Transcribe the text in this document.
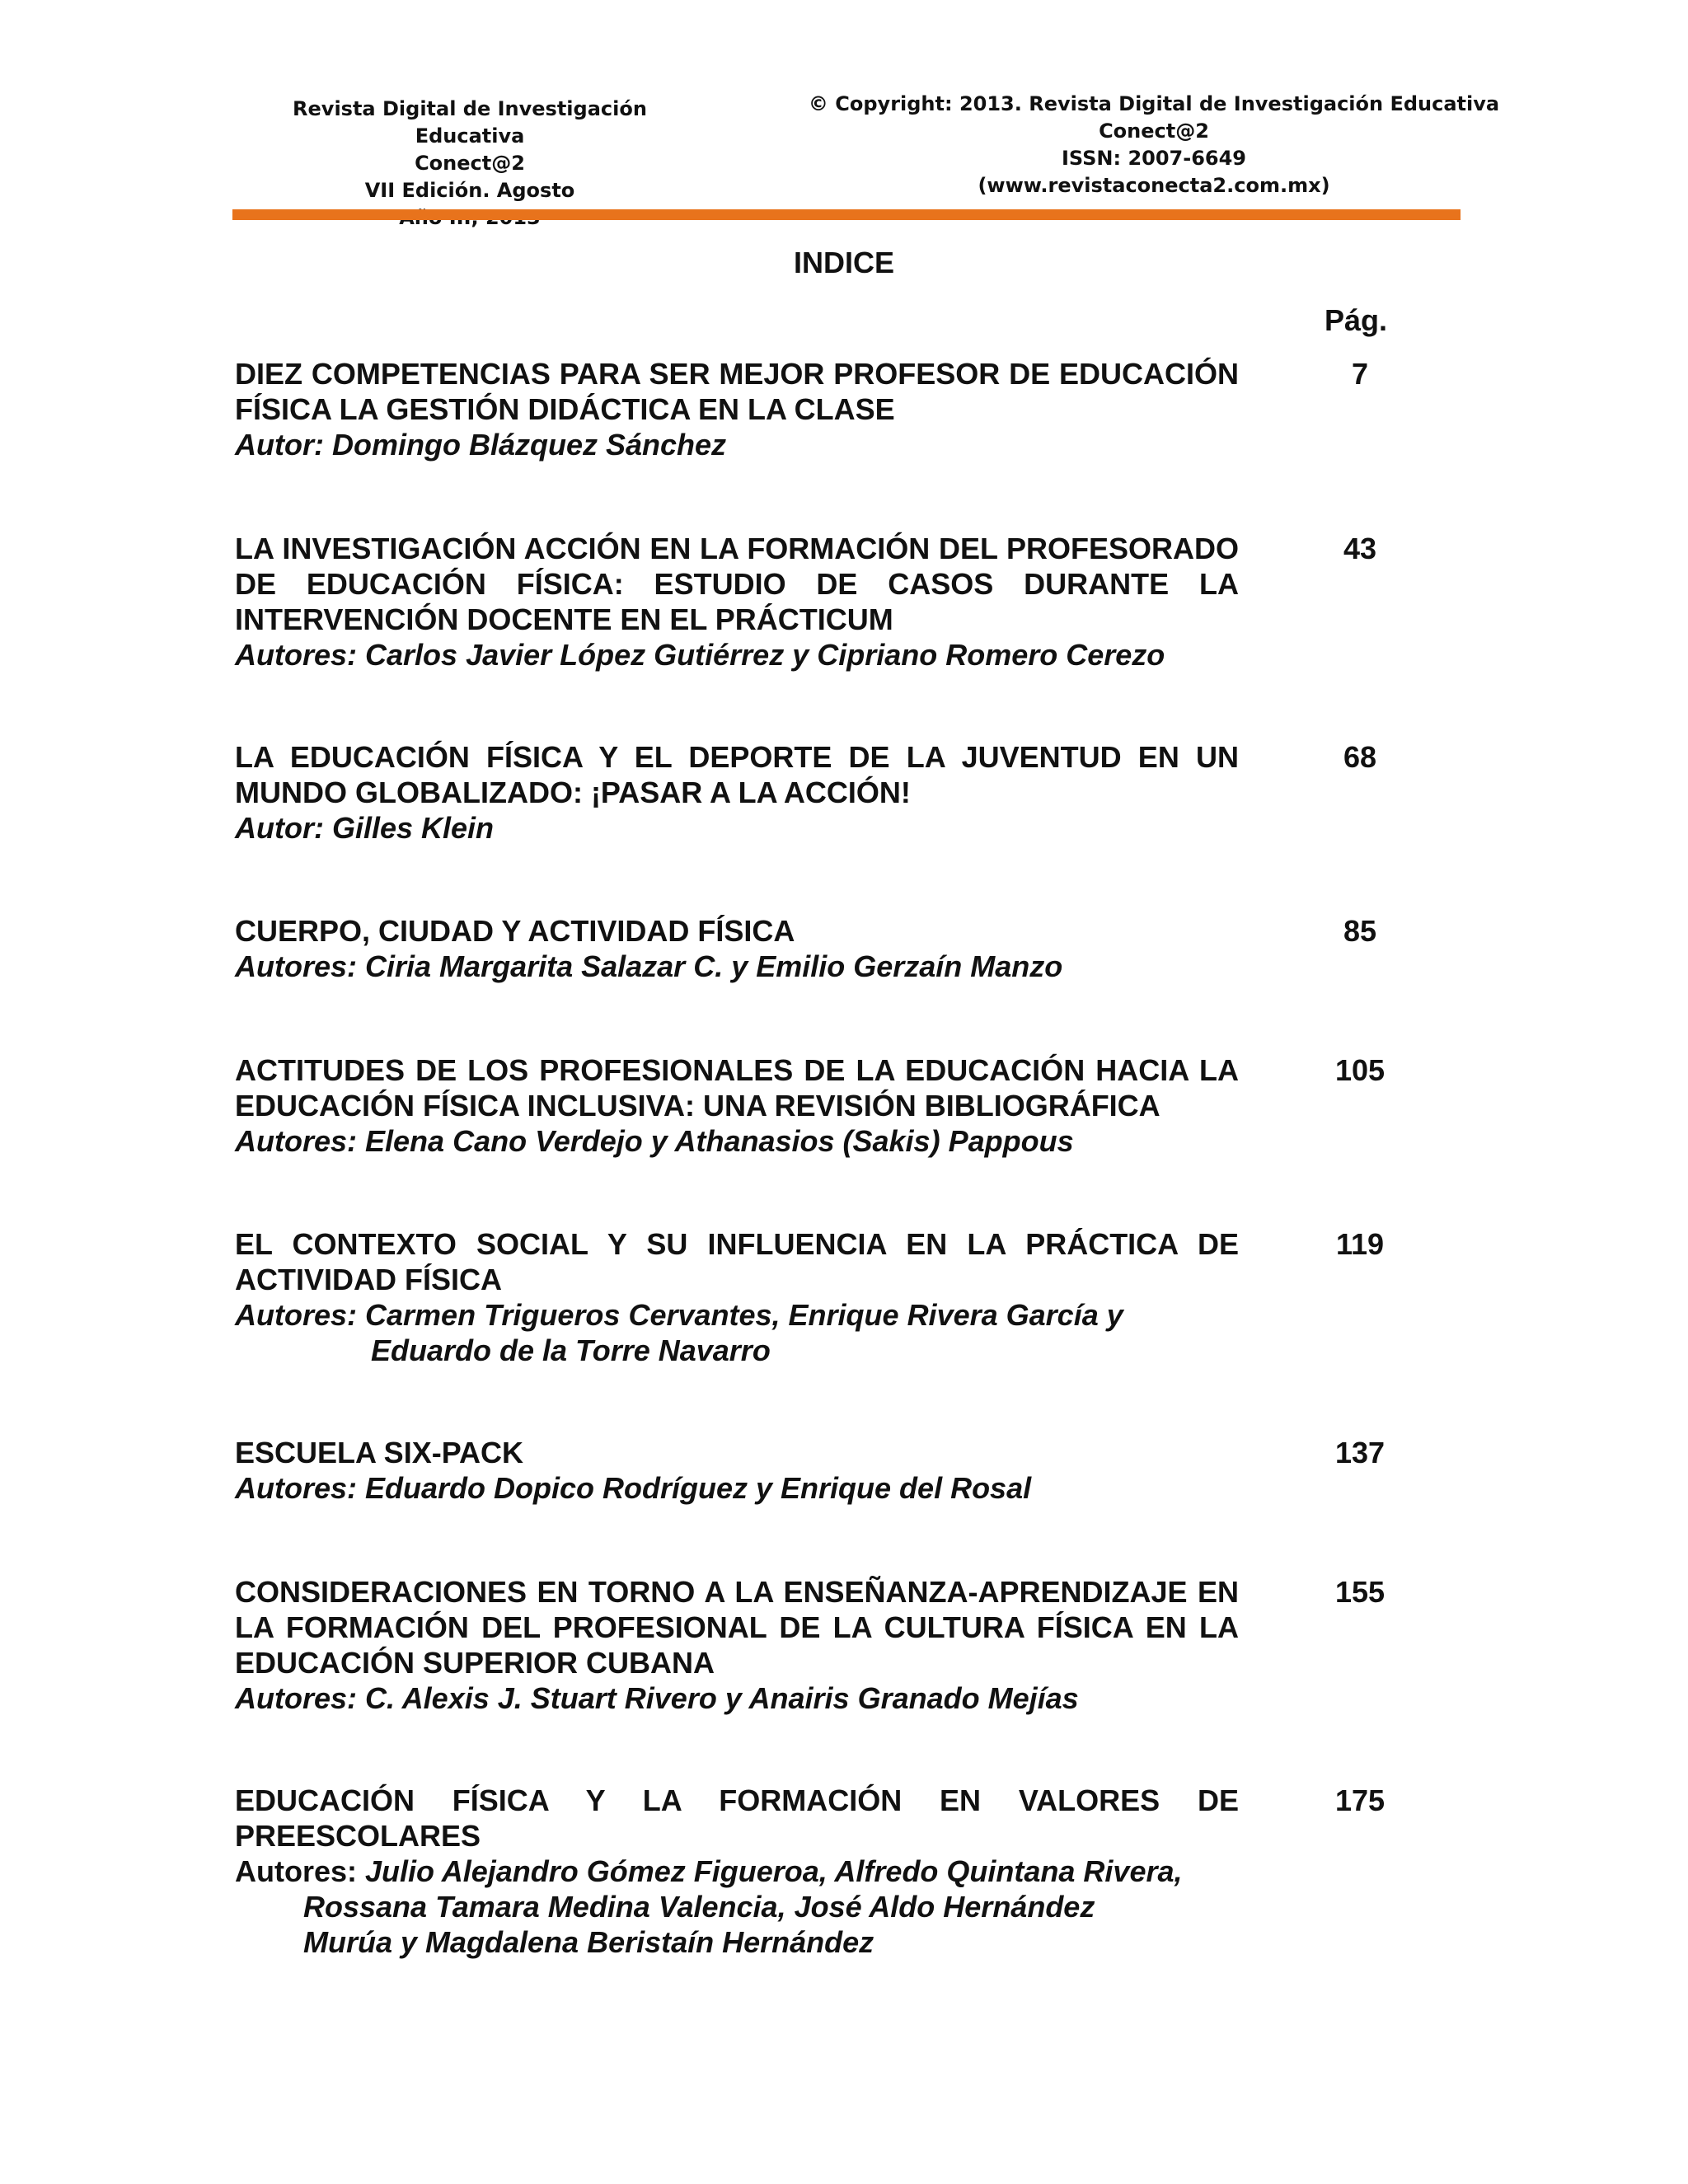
Revista Digital de Investigación Educativa
Conect@2
VII Edición. Agosto
© Copyright: 2013. Revista Digital de Investigación Educativa
Conect@2
ISSN: 2007-6649
(www.revistaconecta2.com.mx)
INDICE
Pág.
DIEZ COMPETENCIAS PARA SER MEJOR PROFESOR DE EDUCACIÓN FÍSICA LA GESTIÓN DIDÁCTICA EN LA CLASE
Autor: Domingo Blázquez Sánchez
7
LA INVESTIGACIÓN ACCIÓN EN LA FORMACIÓN DEL PROFESORADO DE EDUCACIÓN FÍSICA: ESTUDIO DE CASOS DURANTE LA INTERVENCIÓN DOCENTE EN EL PRÁCTICUM
Autores: Carlos Javier López Gutiérrez y Cipriano Romero Cerezo
43
LA EDUCACIÓN FÍSICA Y EL DEPORTE DE LA JUVENTUD EN UN MUNDO GLOBALIZADO: ¡PASAR A LA ACCIÓN!
Autor: Gilles Klein
68
CUERPO, CIUDAD Y ACTIVIDAD FÍSICA
Autores: Ciria Margarita Salazar C. y Emilio Gerzaín Manzo
85
ACTITUDES DE LOS PROFESIONALES DE LA EDUCACIÓN HACIA LA EDUCACIÓN FÍSICA INCLUSIVA: UNA REVISIÓN BIBLIOGRÁFICA
Autores: Elena Cano Verdejo y Athanasios (Sakis) Pappous
105
EL CONTEXTO SOCIAL Y SU INFLUENCIA EN LA PRÁCTICA DE ACTIVIDAD FÍSICA
Autores: Carmen Trigueros Cervantes, Enrique Rivera García y
Eduardo de la Torre Navarro
119
ESCUELA SIX-PACK
Autores: Eduardo Dopico Rodríguez y Enrique del Rosal
137
CONSIDERACIONES EN TORNO A LA ENSEÑANZA-APRENDIZAJE EN LA FORMACIÓN DEL PROFESIONAL DE LA CULTURA FÍSICA EN LA EDUCACIÓN SUPERIOR CUBANA
Autores: C. Alexis J. Stuart Rivero y Anairis Granado Mejías
155
EDUCACIÓN FÍSICA Y LA FORMACIÓN EN VALORES DE PREESCOLARES
Autores: Julio Alejandro Gómez Figueroa, Alfredo Quintana Rivera,
Rossana Tamara Medina Valencia, José Aldo Hernández
Murúa y Magdalena Beristaín Hernández
175
